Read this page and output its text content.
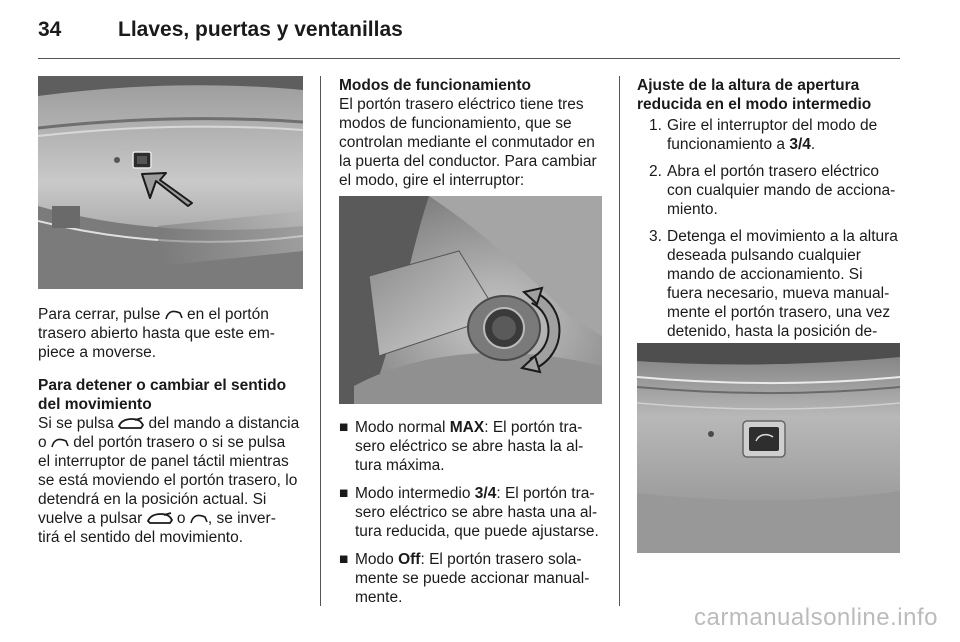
34	Llaves, puertas y ventanillas

Para cerrar, pulse en el portón
trasero abierto hasta que este em-
piece a moverse.

Para detener o cambiar el sentido del movimiento
Si se pulsa del mando a distancia
o del portón trasero o si se pulsa
el interruptor de panel táctil mientras
se está moviendo el portón trasero, lo
detendrá en la posición actual. Si
vuelve a pulsar o , se inver-
tirá el sentido del movimiento.

Modos de funcionamiento
El portón trasero eléctrico tiene tres modos de funcionamiento, que se controlan mediante el conmutador en la puerta del conductor. Para cambiar el modo, gire el interruptor:

■ Modo normal MAX: El portón tra-sero eléctrico se abre hasta la al-tura máxima.
■ Modo intermedio 3/4: El portón tra-sero eléctrico se abre hasta una al-tura reducida, que puede ajustarse.
■ Modo Off: El portón trasero sola-mente se puede accionar manual-mente.

Ajuste de la altura de apertura reducida en el modo intermedio

1. Gire el interruptor del modo de funcionamiento a 3/4.
2. Abra el portón trasero eléctrico con cualquier mando de acciona-miento.
3. Detenga el movimiento a la altura deseada pulsando cualquier mando de accionamiento. Si fuera necesario, mueva manual-mente el portón trasero, una vez detenido, hasta la posición de-
carmanualsonline.info
